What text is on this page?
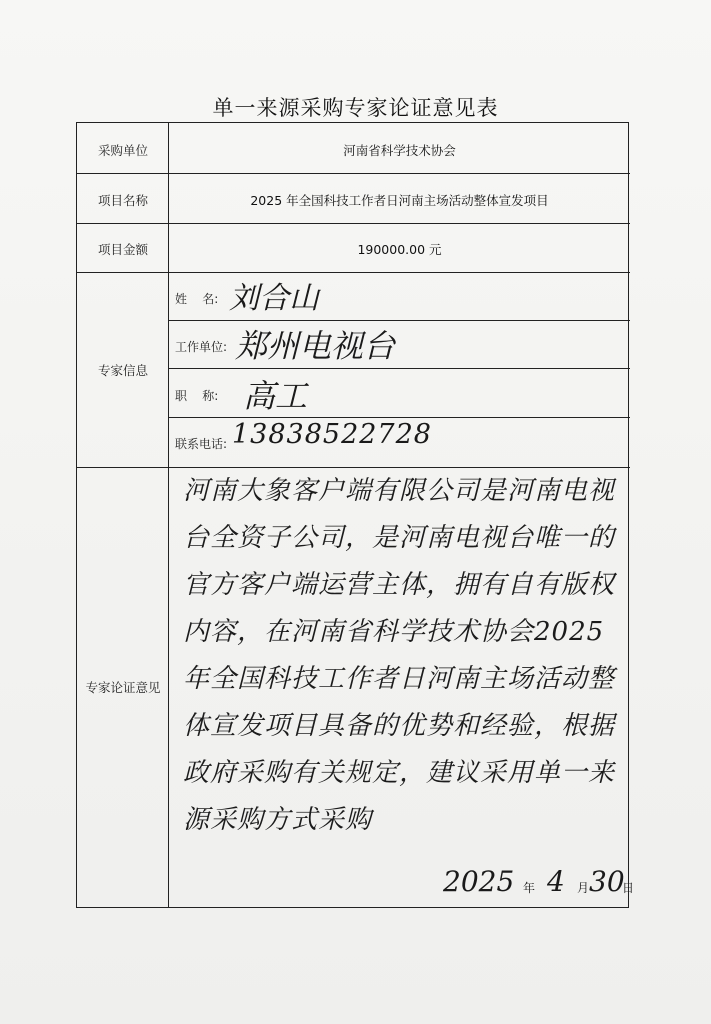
单一来源采购专家论证意见表
采购单位	河南省科学技术协会
项目名称	2025 年全国科技工作者日河南主场活动整体宣发项目
项目金额	190000.00 元
专家信息
姓    名: 刘合山
工作单位: 郑州电视台
职    称: 高工
联系电话: 13838522728
专家论证意见
河南大象客户端有限公司是河南电视台全资子公司，是河南电视台唯一的官方客户端运营主体，拥有自有版权内容，在河南省科学技术协会2025年全国科技工作者日河南主场活动整体宣发项目具备的优势和经验，根据政府采购有关规定，建议采用单一来源采购方式采购
2025 年 4 月 30
日
